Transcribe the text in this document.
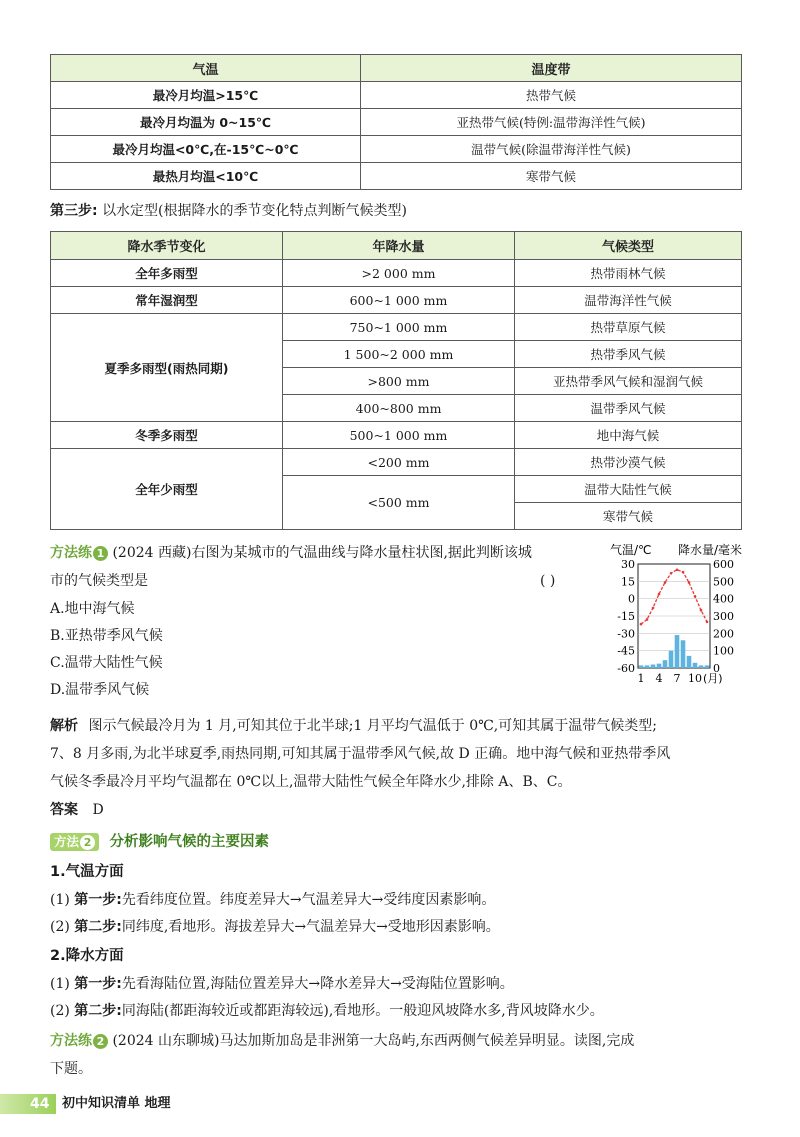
气温	温度带
最冷月均温>15℃	热带气候
最冷月均温为 0~15℃	亚热带气候(特例:温带海洋性气候)
最冷月均温<0℃,在-15℃~0℃	温带气候(除温带海洋性气候)
最热月均温<10℃	寒带气候
第三步: 以水定型(根据降水的季节变化特点判断气候类型)
降水季节变化	年降水量	气候类型
全年多雨型	>2 000 mm	热带雨林气候
常年湿润型	600~1 000 mm	温带海洋性气候
夏季多雨型(雨热同期)	750~1 000 mm	热带草原气候
	1 500~2 000 mm	热带季风气候
	>800 mm	亚热带季风气候和湿润气候
	400~800 mm	温带季风气候
冬季多雨型	500~1 000 mm	地中海气候
全年少雨型	<200 mm	热带沙漠气候
	<500 mm	温带大陆性气候
		寒带气候
方法练 1 (2024 西藏)右图为某城市的气温曲线与降水量柱状图,据此判断该城
市的气候类型是	( )
A.地中海气候
B.亚热带季风气候
C.温带大陆性气候
D.温带季风气候
气温/℃ 降水量/毫米
30
15
0
-15
-30
-45
-60
600
500
400
300
200
100
0
1 4 7 10 (月)
解析 图示气候最冷月为 1 月,可知其位于北半球;1 月平均气温低于 0℃,可知其属于温带气候类型;
7、8 月多雨,为北半球夏季,雨热同期,可知其属于温带季风气候,故 D 正确。地中海气候和亚热带季风
气候冬季最冷月平均气温都在 0℃以上,温带大陆性气候全年降水少,排除 A、B、C。
答案 D
方法 2 分析影响气候的主要因素
1.气温方面
(1) 第一步:先看纬度位置。纬度差异大→气温差异大→受纬度因素影响。
(2) 第二步:同纬度,看地形。海拔差异大→气温差异大→受地形因素影响。
2.降水方面
(1) 第一步:先看海陆位置,海陆位置差异大→降水差异大→受海陆位置影响。
(2) 第二步:同海陆(都距海较近或都距海较远),看地形。一般迎风坡降水多,背风坡降水少。
方法练 2 (2024 山东聊城)马达加斯加岛是非洲第一大岛屿,东西两侧气候差异明显。读图,完成
下题。
44 初中知识清单 地理
